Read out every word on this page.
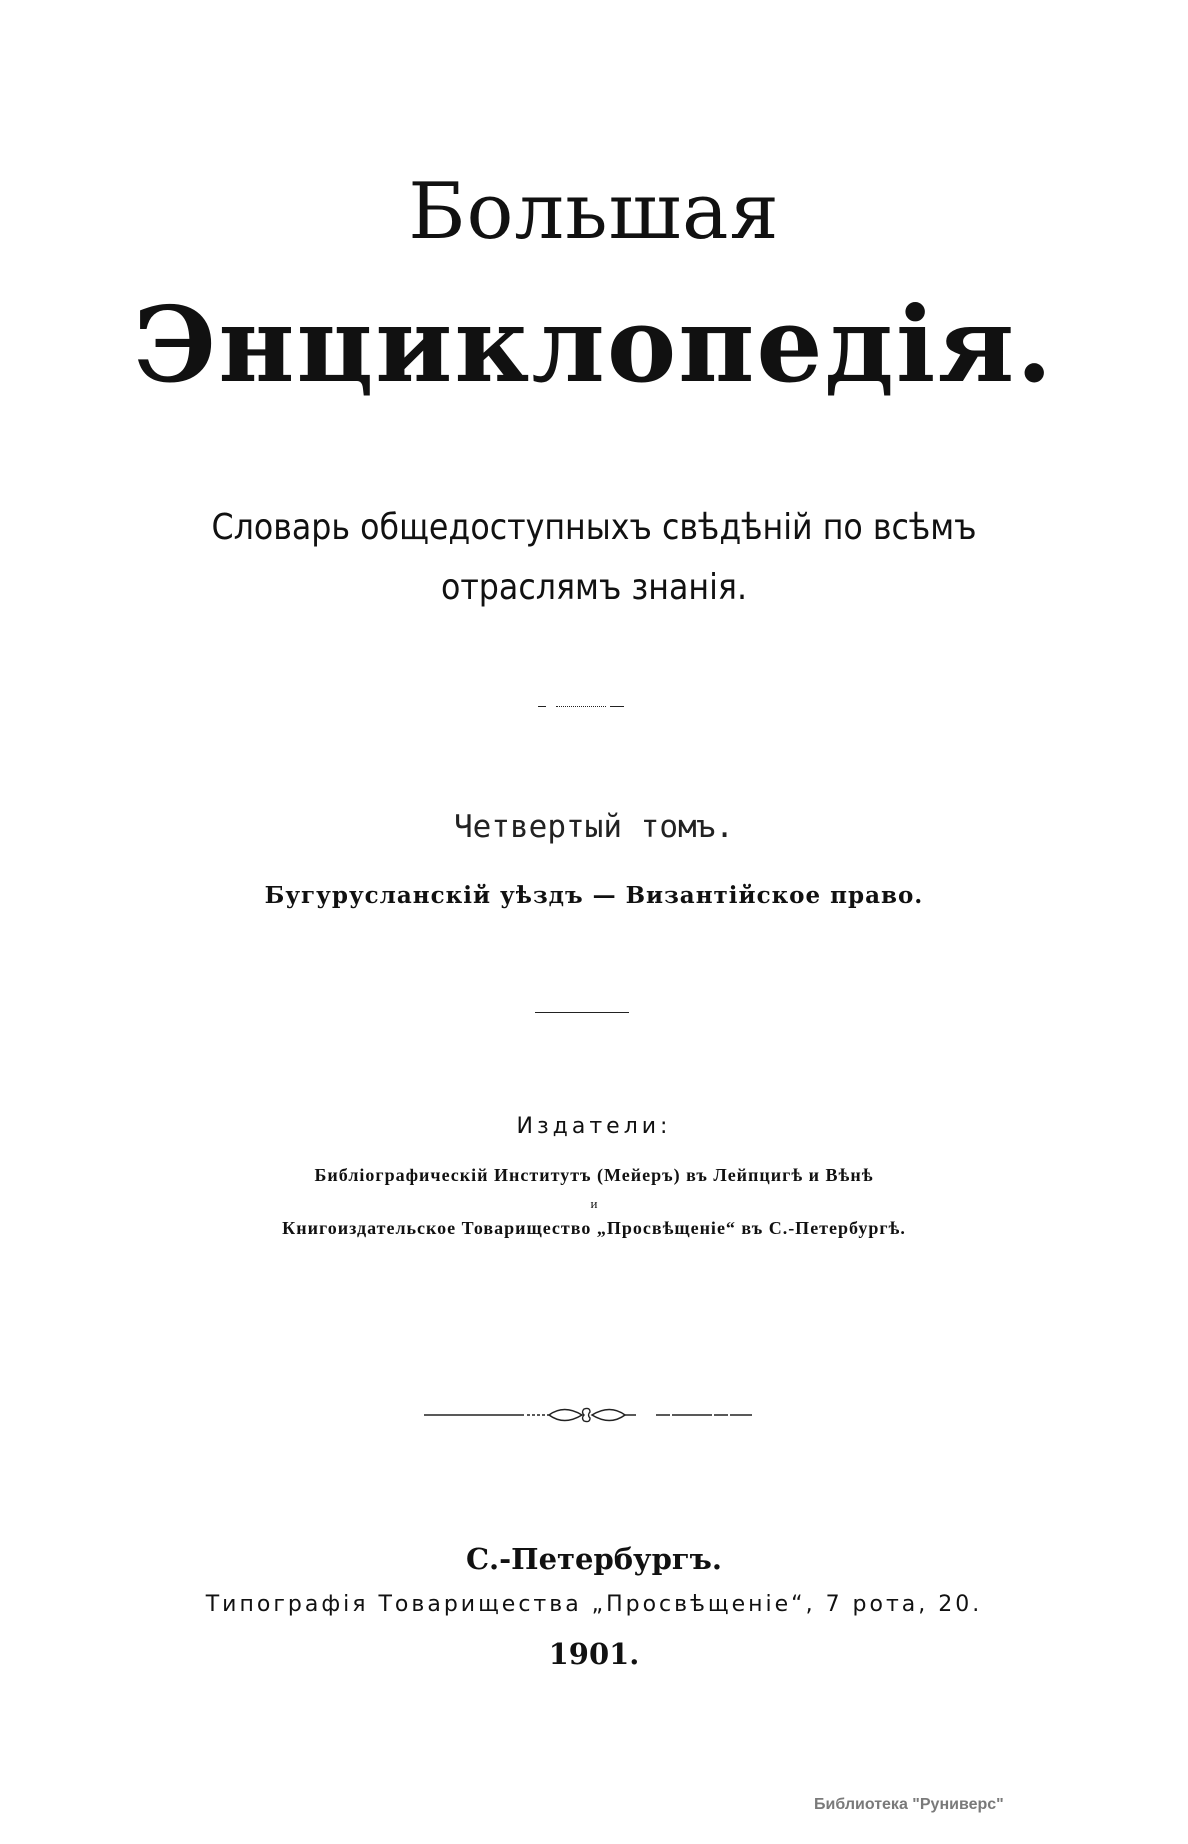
Большая
Энциклопедія.
Словарь общедоступныхъ свѣдѣній по всѣмъ
отраслямъ знанія.
Четвертый томъ.
Бугурусланскій уѣздъ — Византійское право.
Издатели:
Библіографическій Институтъ (Мейеръ) въ Лейпцигѣ и Вѣнѣ
и
Книгоиздательское Товарищество „Просвѣщеніе“ въ С.-Петербургѣ.
С.-Петербургъ.
Типографія Товарищества „Просвѣщеніе“, 7 рота, 20.
1901.
Библиотека "Руниверс"
